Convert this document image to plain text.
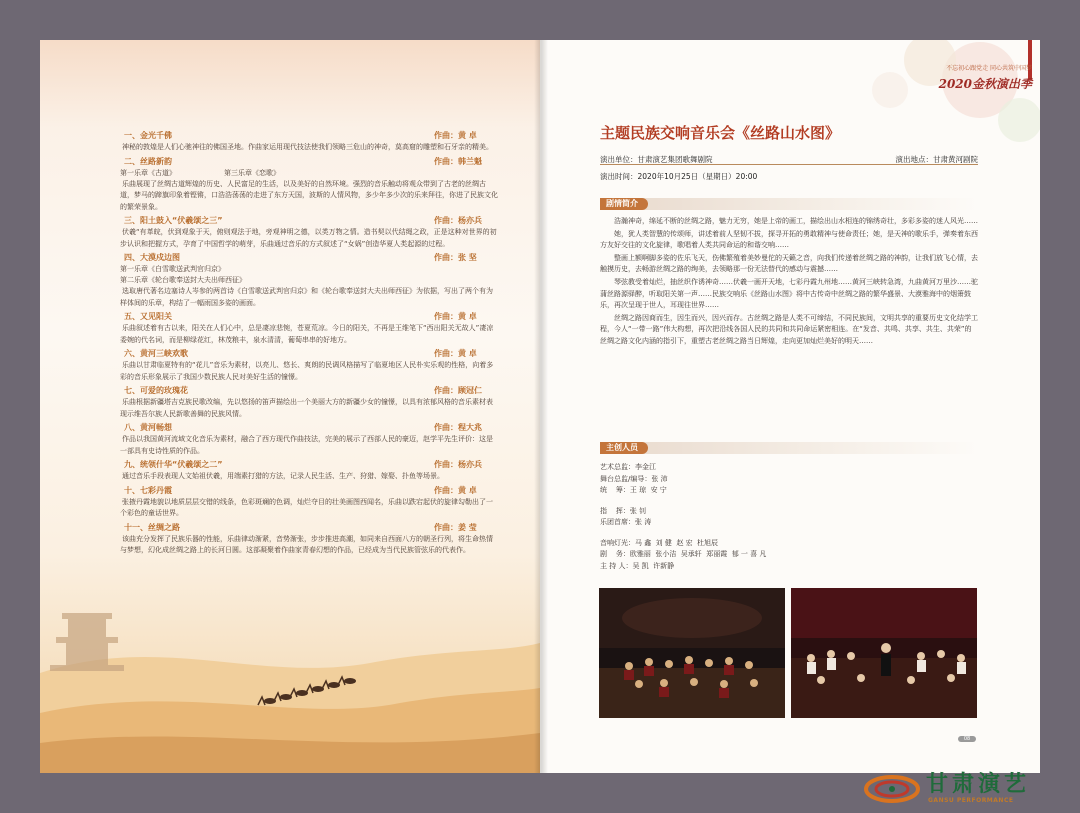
一、金光千佛	作曲：黄 卓
神秘的敦煌是人们心驰神往的佛国圣地。作曲家运用现代技法使我们领略三危山的神奇，莫高窟的雕塑和石牙亲的精美。
二、丝路新韵	作曲：韩兰魁
第一乐章《古道》	第三乐章《恋歌》
乐曲展现了丝绸古道辉煌的历史、人民富足的生活，以及美好的自然环境。强烈的音乐触动将观众带到了古老的丝绸古道，梦马的蹄旗印象着铿锵，口浩浩荡荡的走进了东方天国，波斯的人情风物，多少年多少次的乐来拜往，你进了民族文化的繁荣景象。
三、阳土鼓入“伏羲颂之三”	作曲：杨亦兵
伏羲“有革皖，伏到观象于天，俯则观法于地，旁观神明之德，以类万物之情。造书契以代结绳之政，正是这种对世界的初步认识和把握方式，孕育了中国哲学的萌芽，乐曲通过音乐的方式叙述了“女娲”创造华夏人类起源的过程。
四、大漠戍边图	作曲：张 坚
第一乐章《白雪歌送武判官归京》
第二乐章《轮台歌奉送封大夫出师西征》
选取唐代著名边塞诗人岑参的两首诗《白雪歌送武判官归京》和《轮台歌奉送封大夫出师西征》为依据，写出了两个有为样体间的乐章，构结了一幅雨国多姿的画面。
五、又见阳关	作曲：黄 卓
乐曲叙述着有古以来，阳关在人们心中，总是凄凉悲惋，苍夏荒凉。今日的阳关，不再是王维笔下“西出阳关无故人”凄凉委婉的代名词，而是柳绿花红，林茂粮丰，泉水清清，葡萄串串的好地方。
六、黄河三峡欢歌	作曲：黄 卓
乐曲以甘肃临夏特有的“花儿”音乐为素材，以亮儿、悠长、爽朗的民调风格描写了临夏地区人民朴实乐观的性格，向着多彩的音乐形象展示了我国少数民族人民对美好生活的憧憬。
七、可爱的玫瑰花	作曲：顾冠仁
乐曲根据新疆塔吉克族民歌改编，先以悠扬的笛声描绘出一个美丽大方的新疆少女的憧憬，以具有浓郁风格的音乐素材表现示维吾尔族人民新歌善舞的民族风情。
八、黄河畅想	作曲：程大兆
作品以我国黄河流域文化音乐为素材，融合了西方现代作曲技法，完美的展示了西部人民的豪迈，赵学平先生评价：这是一部具有史诗性质的作品。
九、统领什华“伏羲颂之二”	作曲：杨亦兵
通过音乐手段表现人文始祖伏羲，用端素打猎的方法，记录人民生活、生产、狩猎、嫁娶、扑鱼等场景。
十、七彩丹霞	作曲：黄 卓
张掖丹霞地貌以地质层层交错的线条，色彩斑斓的色调，灿烂夺目的壮美画图西闻名，乐曲以跌宕起伏的旋律勾勒出了一个彩色的童话世界。
十一、丝绸之路	作曲：姜 莹
该曲充分发挥了民族乐器的性能，乐曲律动渐紧，音势渐张，步步推进高潮，如同来自西面八方的朝圣行列，将生命热情与梦想，幻化成丝绸之路上的长河日圆。这部凝聚着作曲家青春幻想的作品，已经成为当代民族管弦乐的代表作。
不忘初心跟党走 同心共筑中国梦
2020金秋演出季
主题民族交响音乐会《丝路山水图》
演出单位：甘肃演艺集团歌舞剧院	演出地点：甘肃黄河剧院
演出时间：2020年10月25日（星期日）20:00
剧情简介

浩瀚神奇，绵延不断的丝绸之路，魅力无穷，她是上帝的画工，描绘出山水相连的锦绣奇壮，多彩多姿的迷人风光……

她，犹人类智慧的传颂师，讲述着前人坚韧不拔，探寻开拓的勇敢精神与使命责任；她，是天神的歌乐手，弹奏着东西方友好交往的文化旋律，歌唱着人类共同命运的和谐交响……

整画上额啊脚多姿的佐乐飞天，伤佛繁殖着美妙曼佗的天籁之音，向我们传递着丝绸之路的神韵，让我们放飞心情，去触摸历史，去畅游丝绸之路的绚美，去领略那一份无法替代的感动与震撼……

琴弦教受着灿烂，抽丝织作诱神奇……伏羲一画开天地，七彩丹霞九州地……黄河三峡转急湾，九曲黄河万里沙……驼蒲丝路源驿醉，听取阳关第一声……民族交响乐《丝路山水图》将中古传奇中丝绸之路的繁华盛景、大漠雅海中的烟箫鼓乐，再次呈现于世人，耳现往世界……

丝绸之路因商而生，因生而兴，因兴而存。古丝绸之路是人类不可缔结，不同民族间，文明共享的重要历史文化结学工程，今人“一带一路”伟大构想，再次把沿线各国人民的共同和共同命运紧密相连。在“发音、共鸣、共享、共生、共荣”的丝绸之路文化内涵的指引下，重塑古老丝绸之路当日辉煌，走向更加灿烂美好的明天……

主创人员
艺术总监：李金江
舞台总监/编导：张 沛
统    筹：王 琼  安 宁
指    挥：张 钊
乐团首席：张 涛
音响灯光：马 鑫  刘 健  赵 宏  杜旭辰
剧    务：欧雅丽  张小洁  吴承轩  郑丽霞  郁 一 喜 凡
主 持 人：吴 凯  许新静
08
甘肃演艺
GANSU PERFORMANCE
